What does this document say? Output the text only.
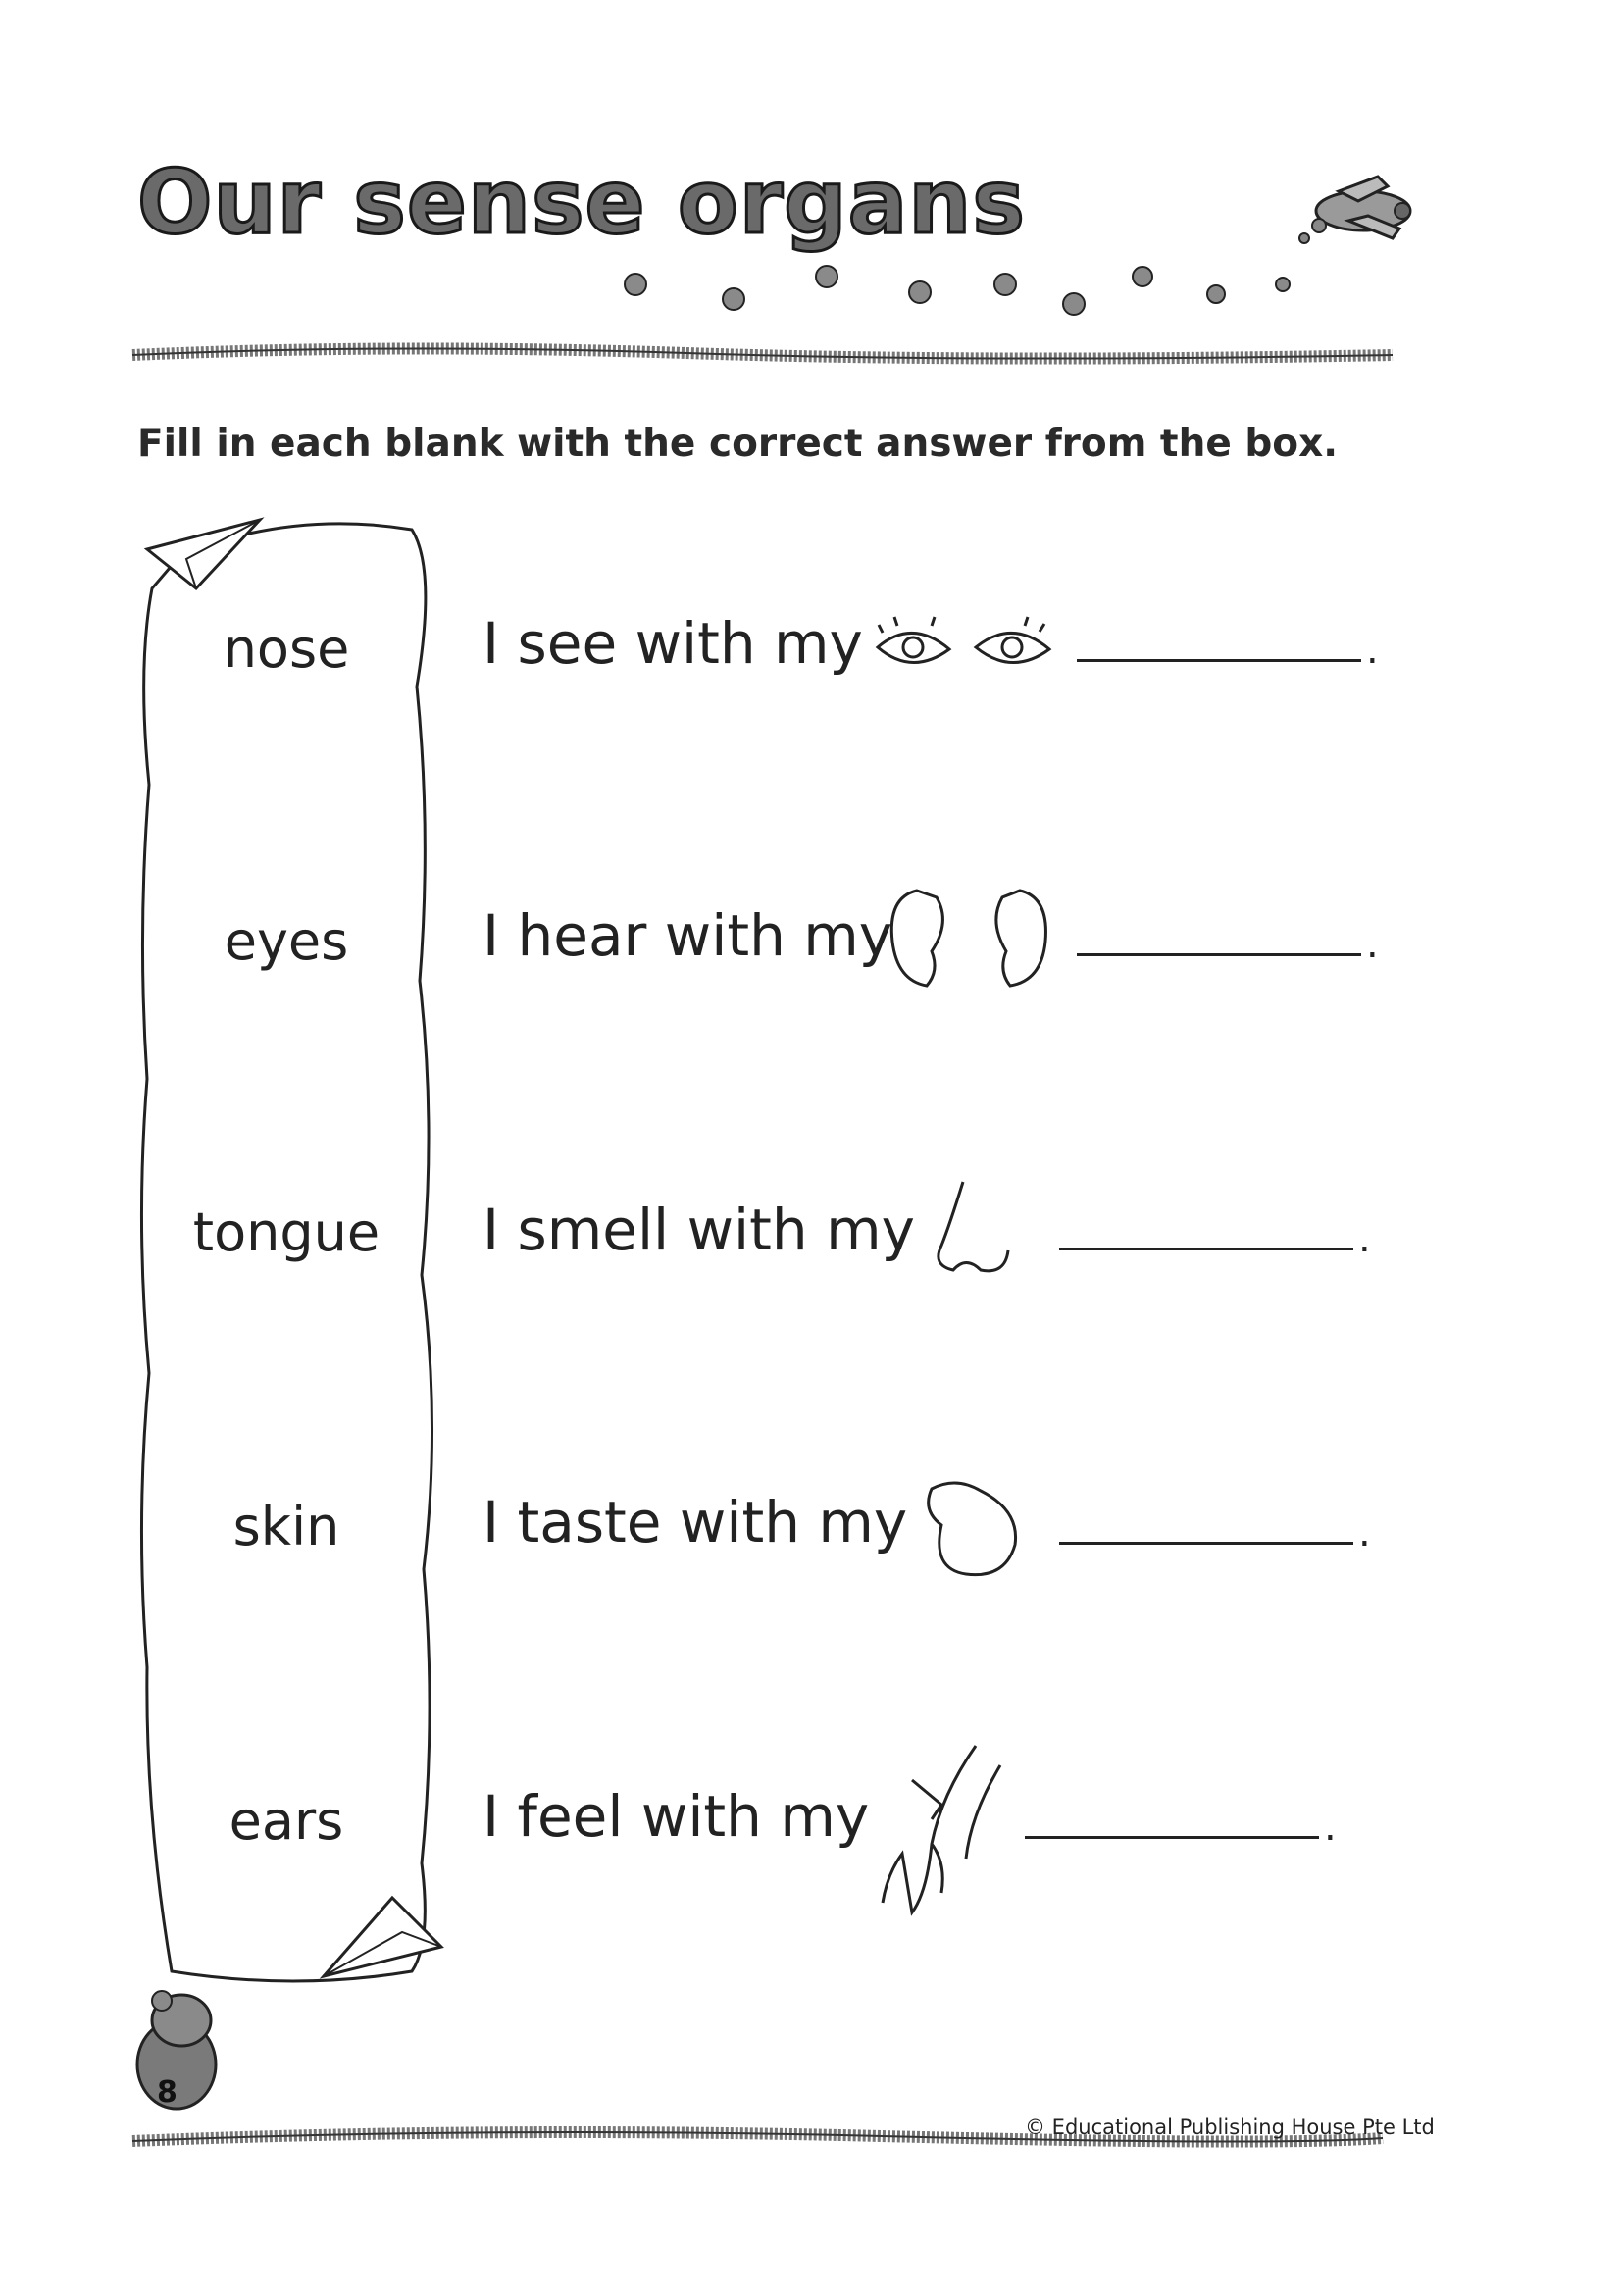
Our sense organs
Fill in each blank with the correct answer from the box.
nose
eyes
tongue
skin
ears
I see with my	.
I hear with my	.
I smell with my	.
I taste with my	.
I feel with my	.
8
© Educational Publishing House Pte Ltd
